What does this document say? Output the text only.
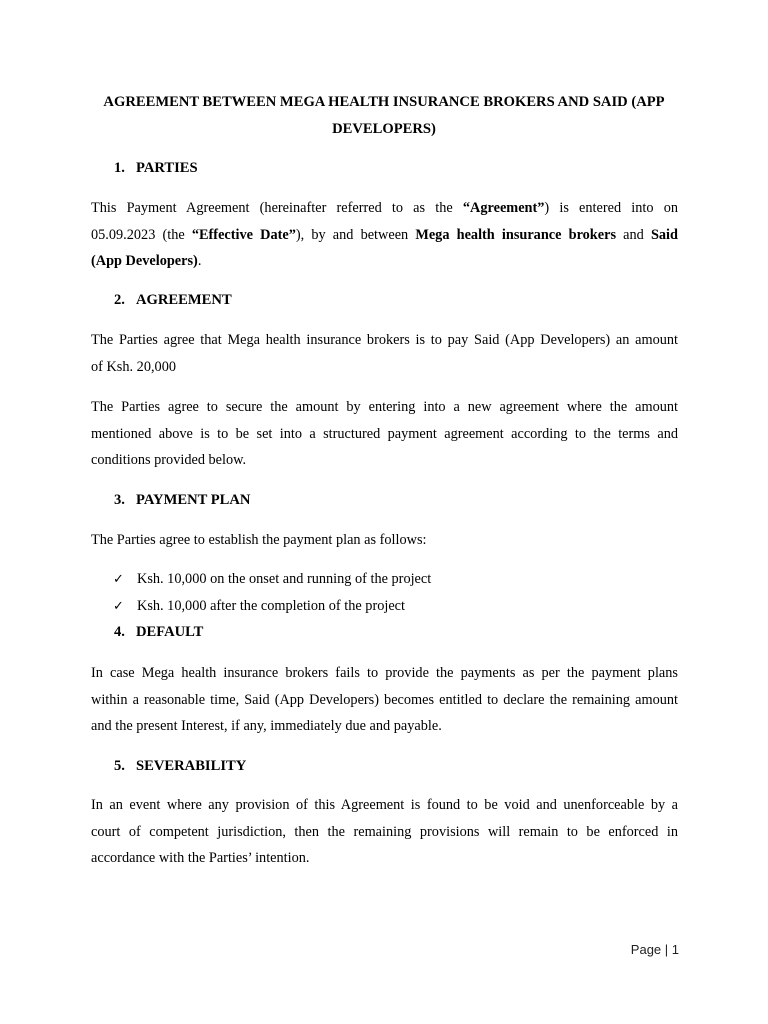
AGREEMENT BETWEEN MEGA HEALTH INSURANCE BROKERS AND SAID (APP
DEVELOPERS)
1. PARTIES

This Payment Agreement (hereinafter referred to as the “Agreement”) is entered into on
05.09.2023 (the “Effective Date”), by and between Mega health insurance brokers and Said
(App Developers).

2. AGREEMENT

The Parties agree that Mega health insurance brokers is to pay Said (App Developers) an amount
of Ksh. 20,000

The Parties agree to secure the amount by entering into a new agreement where the amount
mentioned above is to be set into a structured payment agreement according to the terms and
conditions provided below.

3. PAYMENT PLAN

The Parties agree to establish the payment plan as follows:

✓ Ksh. 10,000 on the onset and running of the project

✓ Ksh. 10,000 after the completion of the project

4. DEFAULT

In case Mega health insurance brokers fails to provide the payments as per the payment plans
within a reasonable time, Said (App Developers) becomes entitled to declare the remaining amount
and the present Interest, if any, immediately due and payable.

5. SEVERABILITY

In an event where any provision of this Agreement is found to be void and unenforceable by a
court of competent jurisdiction, then the remaining provisions will remain to be enforced in
accordance with the Parties’ intention.

Page | 1
